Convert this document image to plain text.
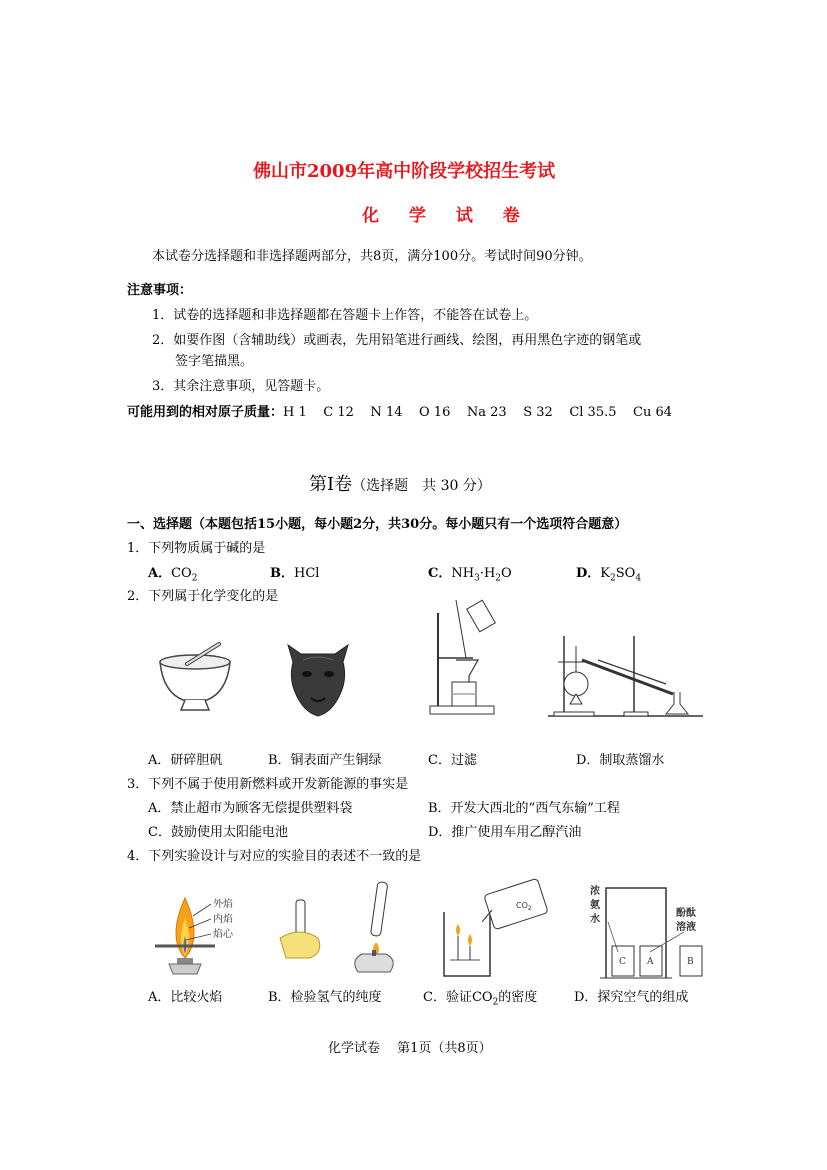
佛山市2009年高中阶段学校招生考试
化 学 试 卷
本试卷分选择题和非选择题两部分，共8页，满分100分。考试时间90分钟。
注意事项：
1．试卷的选择题和非选择题都在答题卡上作答，不能答在试卷上。
2．如要作图（含辅助线）或画表，先用铅笔进行画线、绘图，再用黑色字迹的钢笔或
签字笔描黑。
3．其余注意事项，见答题卡。
可能用到的相对原子质量：H 1    C 12    N 14    O 16    Na 23    S 32    Cl 35.5    Cu 64
第Ⅰ卷（选择题　共 30 分）
一、选择题（本题包括15小题，每小题2分，共30分。每小题只有一个选项符合题意）
1．下列物质属于碱的是
A．$CO_2$	B．HCl	C．$NH_3\cdot H_2O$	D．$K_2SO_4$
2．下列属于化学变化的是
A．研碎胆矾	B．铜表面产生铜绿	C．过滤	D．制取蒸馏水
3．下列不属于使用新燃料或开发新能源的事实是
A．禁止超市为顾客无偿提供塑料袋	B．开发大西北的“西气东输”工程
C．鼓励使用太阳能电池	D．推广使用车用乙醇汽油
4．下列实验设计与对应的实验目的表述不一致的是
外焰
内焰
焰心
$CO_2$
浓
氨
水
酚酞
溶液
C A	B
A．比较火焰	B．检验氢气的纯度	C．验证$CO_2$的密度	D．探究空气的组成
化学试卷　 第1页（共8页）
